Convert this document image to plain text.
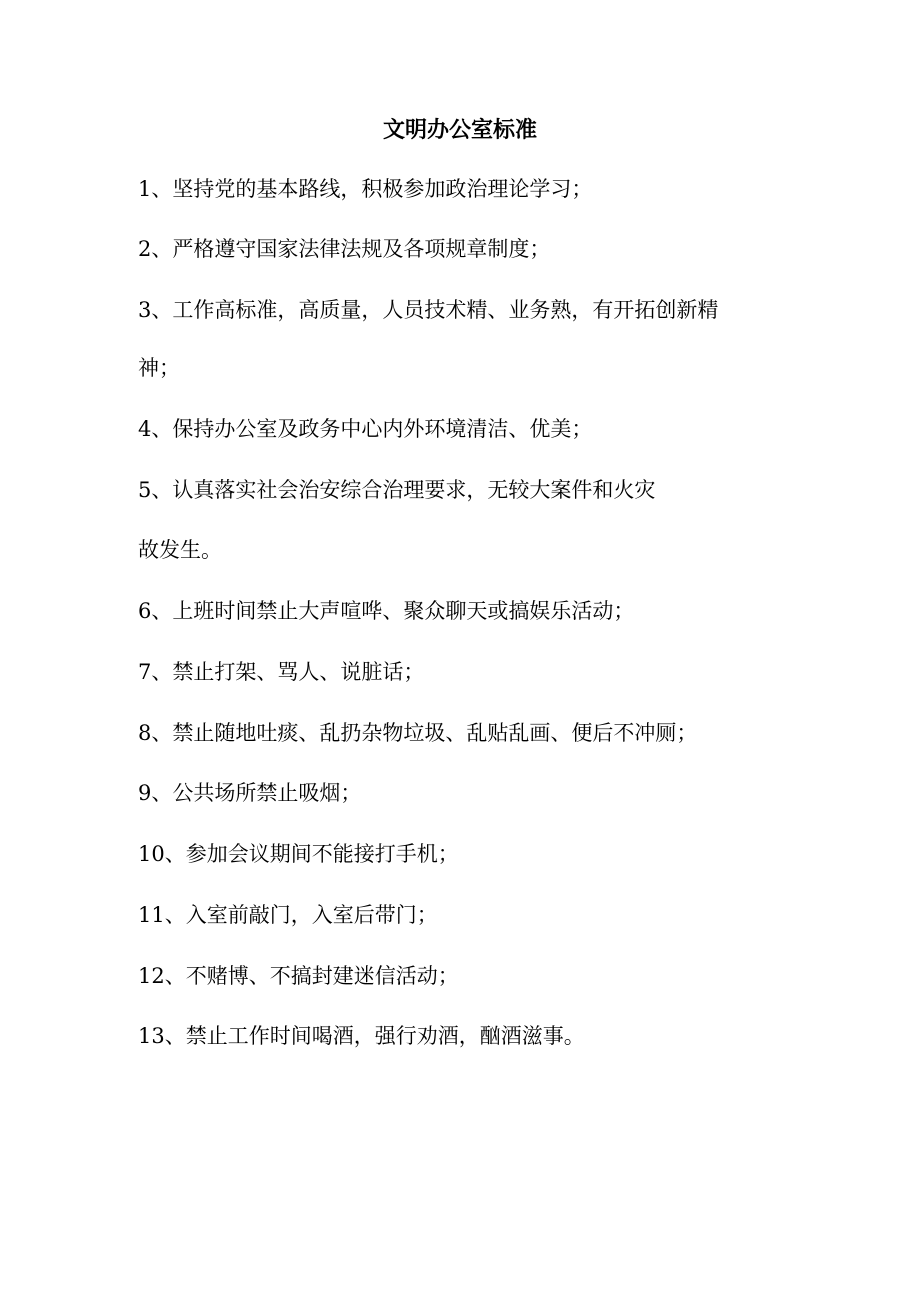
文明办公室标准

1、坚持党的基本路线，积极参加政治理论学习；

2、严格遵守国家法律法规及各项规章制度；

3、工作高标准，高质量，人员技术精、业务熟，有开拓创新精

神；

4、保持办公室及政务中心内外环境清洁、优美；

5、认真落实社会治安综合治理要求，无较大案件和火灾

故发生。

6、上班时间禁止大声喧哗、聚众聊天或搞娱乐活动；

7、禁止打架、骂人、说脏话；

8、禁止随地吐痰、乱扔杂物垃圾、乱贴乱画、便后不冲厕；

9、公共场所禁止吸烟；

10、参加会议期间不能接打手机；

11、入室前敲门，入室后带门；

12、不赌博、不搞封建迷信活动；

13、禁止工作时间喝酒，强行劝酒，酗酒滋事。
